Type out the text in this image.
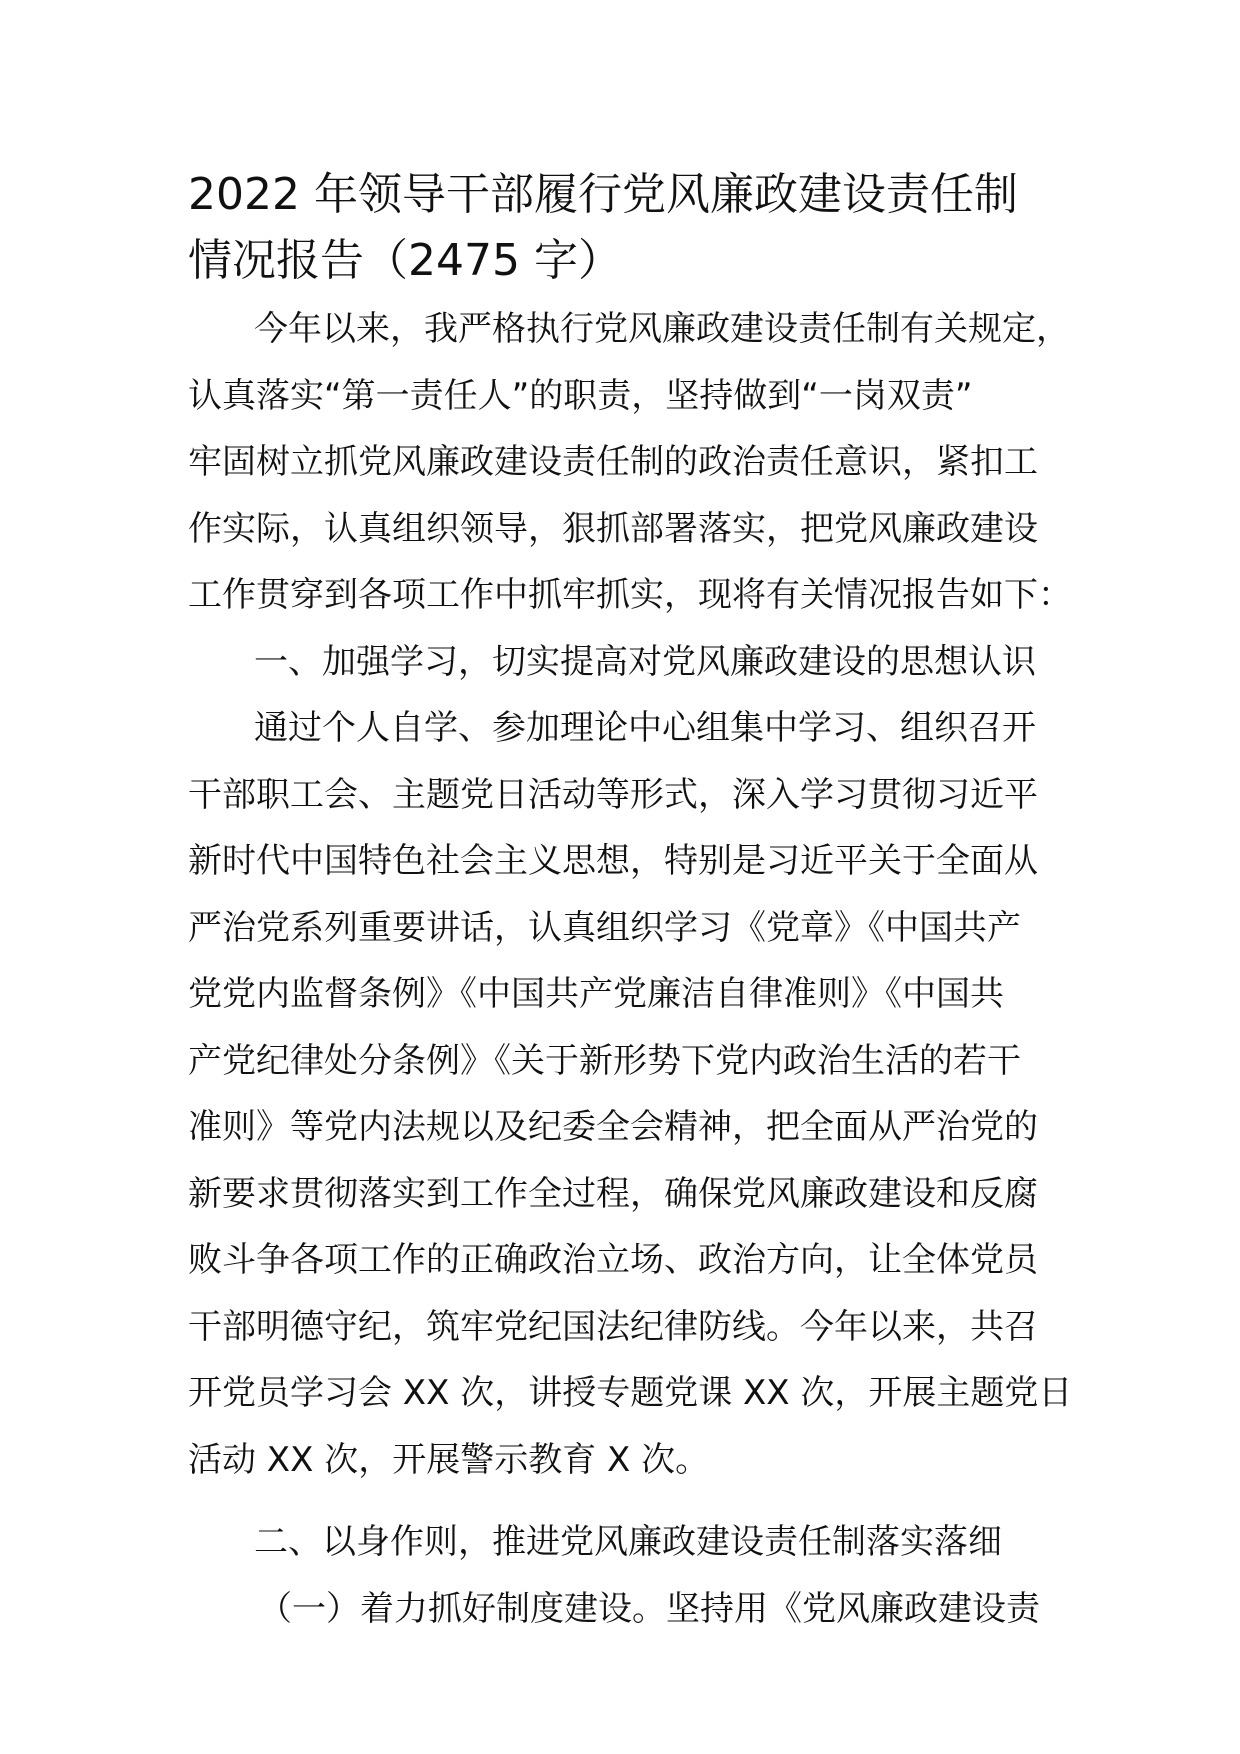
2022 年领导干部履行党风廉政建设责任制
情况报告（2475 字）
今年以来，我严格执行党风廉政建设责任制有关规定，
认真落实“第一责任人”的职责，坚持做到“一岗双责”
牢固树立抓党风廉政建设责任制的政治责任意识，紧扣工
作实际，认真组织领导，狠抓部署落实，把党风廉政建设
工作贯穿到各项工作中抓牢抓实，现将有关情况报告如下：
一、加强学习，切实提高对党风廉政建设的思想认识
通过个人自学、参加理论中心组集中学习、组织召开
干部职工会、主题党日活动等形式，深入学习贯彻习近平
新时代中国特色社会主义思想，特别是习近平关于全面从
严治党系列重要讲话，认真组织学习《党章》《中国共产
党党内监督条例》《中国共产党廉洁自律准则》《中国共
产党纪律处分条例》《关于新形势下党内政治生活的若干
准则》等党内法规以及纪委全会精神，把全面从严治党的
新要求贯彻落实到工作全过程，确保党风廉政建设和反腐
败斗争各项工作的正确政治立场、政治方向，让全体党员
干部明德守纪，筑牢党纪国法纪律防线。今年以来，共召
开党员学习会 XX 次，讲授专题党课 XX 次，开展主题党日
活动 XX 次，开展警示教育 X 次。
二、以身作则，推进党风廉政建设责任制落实落细
（一）着力抓好制度建设。坚持用《党风廉政建设责
